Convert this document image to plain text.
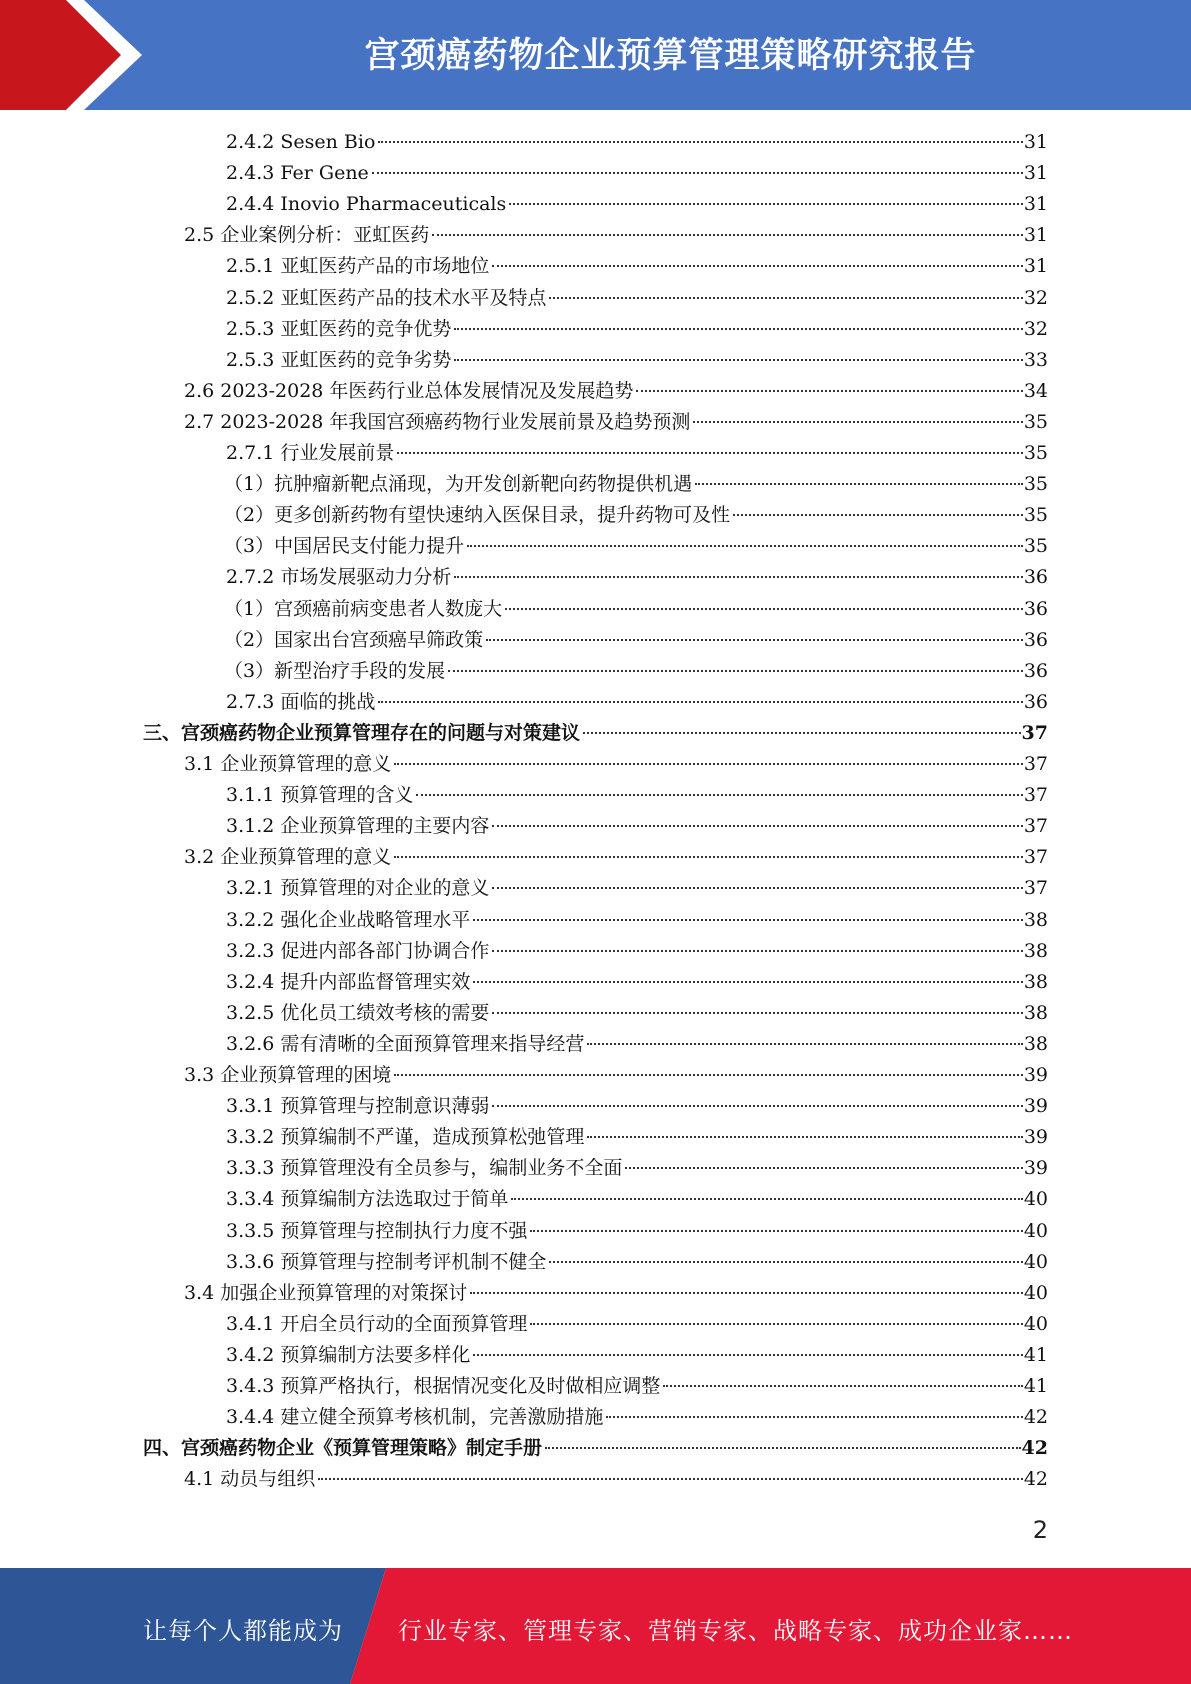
宫颈癌药物企业预算管理策略研究报告
2.4.2 Sesen Bio	31
2.4.3 Fer Gene	31
2.4.4 Inovio Pharmaceuticals	31
2.5 企业案例分析：亚虹医药	31
2.5.1 亚虹医药产品的市场地位	31
2.5.2 亚虹医药产品的技术水平及特点	32
2.5.3 亚虹医药的竞争优势	32
2.5.3 亚虹医药的竞争劣势	33
2.6 2023-2028 年医药行业总体发展情况及发展趋势	34
2.7 2023-2028 年我国宫颈癌药物行业发展前景及趋势预测	35
2.7.1 行业发展前景	35
（1）抗肿瘤新靶点涌现，为开发创新靶向药物提供机遇	35
（2）更多创新药物有望快速纳入医保目录，提升药物可及性	35
（3）中国居民支付能力提升	35
2.7.2 市场发展驱动力分析	36
（1）宫颈癌前病变患者人数庞大	36
（2）国家出台宫颈癌早筛政策	36
（3）新型治疗手段的发展	36
2.7.3 面临的挑战	36
三、宫颈癌药物企业预算管理存在的问题与对策建议	37
3.1 企业预算管理的意义	37
3.1.1 预算管理的含义	37
3.1.2 企业预算管理的主要内容	37
3.2 企业预算管理的意义	37
3.2.1 预算管理的对企业的意义	37
3.2.2 强化企业战略管理水平	38
3.2.3 促进内部各部门协调合作	38
3.2.4 提升内部监督管理实效	38
3.2.5 优化员工绩效考核的需要	38
3.2.6 需有清晰的全面预算管理来指导经营	38
3.3 企业预算管理的困境	39
3.3.1 预算管理与控制意识薄弱	39
3.3.2 预算编制不严谨，造成预算松弛管理	39
3.3.3 预算管理没有全员参与，编制业务不全面	39
3.3.4 预算编制方法选取过于简单	40
3.3.5 预算管理与控制执行力度不强	40
3.3.6 预算管理与控制考评机制不健全	40
3.4 加强企业预算管理的对策探讨	40
3.4.1 开启全员行动的全面预算管理	40
3.4.2 预算编制方法要多样化	41
3.4.3 预算严格执行，根据情况变化及时做相应调整	41
3.4.4 建立健全预算考核机制，完善激励措施	42
四、宫颈癌药物企业《预算管理策略》制定手册	42
4.1 动员与组织	42
2
让每个人都能成为 行业专家、管理专家、营销专家、战略专家、成功企业家……
